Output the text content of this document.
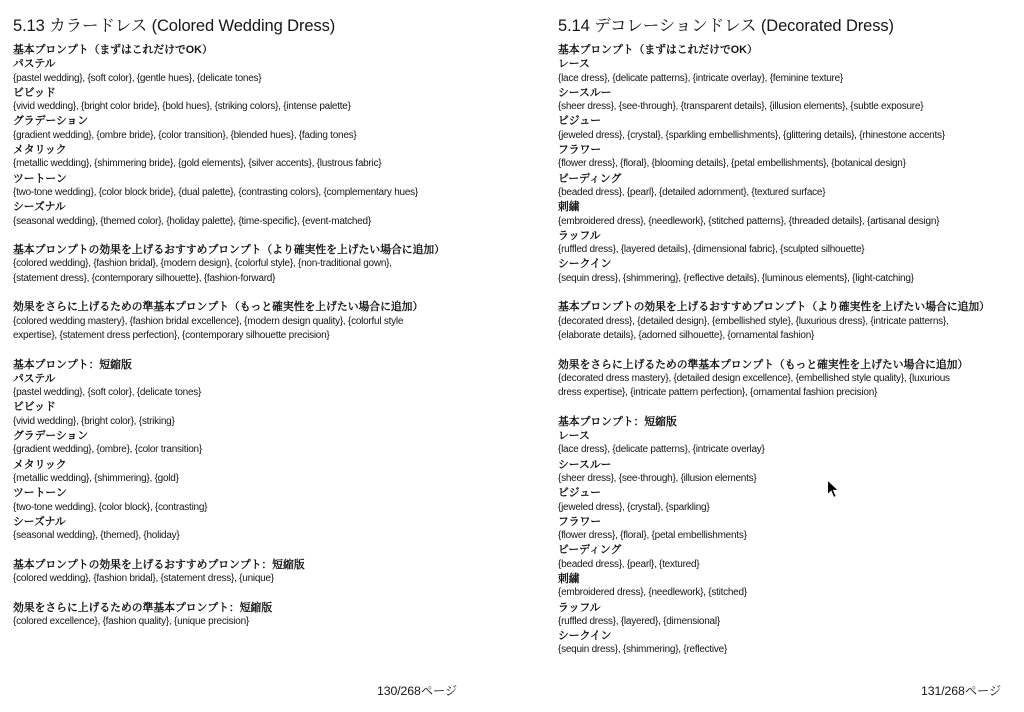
5.13 カラードレス (Colored Wedding Dress)
基本プロンプト（まずはこれだけでOK）
パステル
{pastel wedding}, {soft color}, {gentle hues}, {delicate tones}
ビビッド
{vivid wedding}, {bright color bride}, {bold hues}, {striking colors}, {intense palette}
グラデーション
{gradient wedding}, {ombre bride}, {color transition}, {blended hues}, {fading tones}
メタリック
{metallic wedding}, {shimmering bride}, {gold elements}, {silver accents}, {lustrous fabric}
ツートーン
{two-tone wedding}, {color block bride}, {dual palette}, {contrasting colors}, {complementary hues}
シーズナル
{seasonal wedding}, {themed color}, {holiday palette}, {time-specific}, {event-matched}
基本プロンプトの効果を上げるおすすめプロンプト（より確実性を上げたい場合に追加）
{colored wedding}, {fashion bridal}, {modern design}, {colorful style}, {non-traditional gown},
{statement dress}, {contemporary silhouette}, {fashion-forward}
効果をさらに上げるための準基本プロンプト（もっと確実性を上げたい場合に追加）
{colored wedding mastery}, {fashion bridal excellence}, {modern design quality}, {colorful style
expertise}, {statement dress perfection}, {contemporary silhouette precision}
基本プロンプト：短縮版
パステル
{pastel wedding}, {soft color}, {delicate tones}
ビビッド
{vivid wedding}, {bright color}, {striking}
グラデーション
{gradient wedding}, {ombre}, {color transition}
メタリック
{metallic wedding}, {shimmering}, {gold}
ツートーン
{two-tone wedding}, {color block}, {contrasting}
シーズナル
{seasonal wedding}, {themed}, {holiday}
基本プロンプトの効果を上げるおすすめプロンプト：短縮版
{colored wedding}, {fashion bridal}, {statement dress}, {unique}
効果をさらに上げるための準基本プロンプト：短縮版
{colored excellence}, {fashion quality}, {unique precision}
5.14 デコレーションドレス (Decorated Dress)
基本プロンプト（まずはこれだけでOK）
レース
{lace dress}, {delicate patterns}, {intricate overlay}, {feminine texture}
シースルー
{sheer dress}, {see-through}, {transparent details}, {illusion elements}, {subtle exposure}
ビジュー
{jeweled dress}, {crystal}, {sparkling embellishments}, {glittering details}, {rhinestone accents}
フラワー
{flower dress}, {floral}, {blooming details}, {petal embellishments}, {botanical design}
ビーディング
{beaded dress}, {pearl}, {detailed adornment}, {textured surface}
刺繍
{embroidered dress}, {needlework}, {stitched patterns}, {threaded details}, {artisanal design}
ラッフル
{ruffled dress}, {layered details}, {dimensional fabric}, {sculpted silhouette}
シークイン
{sequin dress}, {shimmering}, {reflective details}, {luminous elements}, {light-catching}
基本プロンプトの効果を上げるおすすめプロンプト（より確実性を上げたい場合に追加）
{decorated dress}, {detailed design}, {embellished style}, {luxurious dress}, {intricate patterns},
{elaborate details}, {adorned silhouette}, {ornamental fashion}
効果をさらに上げるための準基本プロンプト（もっと確実性を上げたい場合に追加）
{decorated dress mastery}, {detailed design excellence}, {embellished style quality}, {luxurious
dress expertise}, {intricate pattern perfection}, {ornamental fashion precision}
基本プロンプト：短縮版
レース
{lace dress}, {delicate patterns}, {intricate overlay}
シースルー
{sheer dress}, {see-through}, {illusion elements}
ビジュー
{jeweled dress}, {crystal}, {sparkling}
フラワー
{flower dress}, {floral}, {petal embellishments}
ビーディング
{beaded dress}, {pearl}, {textured}
刺繍
{embroidered dress}, {needlework}, {stitched}
ラッフル
{ruffled dress}, {layered}, {dimensional}
シークイン
{sequin dress}, {shimmering}, {reflective}
130/268ページ	131/268ページ
